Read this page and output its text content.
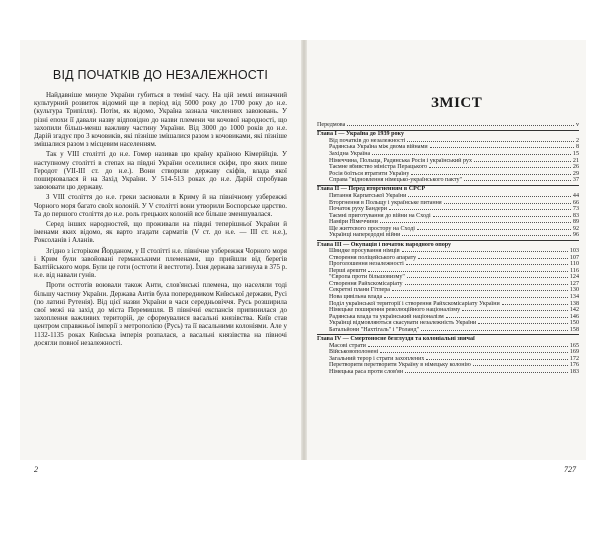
ВІД ПОЧАТКІВ ДО НЕЗАЛЕЖНОСТІ

Найдавніше минуле України губиться в темінї часу. На цій землі визначний культурний розвиток відомий ще в період від 5000 року до 1700 року до н.е. (культура Трипілля). Потім, як відомо, Україна зазнала численних завоювань. У різні епохи її давали назву відповідно до назви племени чи кочової народності, що захопили більш-менш важливу частину України. Від 3000 до 1000 років до н.е. Дарій згадує про 3 кочовиків, які пізніше змішалися разом з кочовиками, які пізніше змішалися разом з місцевим населенням.

Так у VIII столітті до н.е. Гомер називав цю країну країною Кімерійців. У наступному столітті в степах на півдні України оселилися скіфи, про яких пише Геродот (VII-III ст. до н.е.). Вони створили державу скіфів, влада якої поширювалася й на Захід України. У 514-513 роках до н.е. Дарій спробував завоювати цю державу.

З VIII століття до н.е. греки засновали в Криму й на північному узбережжі Чорного моря багато своїх колоній. У V столітті вони утворили Боспорське царство. Та до першого століття до н.е. роль грецьких колоній все більше зменшувалася.

Серед інших народностей, що проживали на півдні теперішньої України й іменами яких відомо, як варто згадати сарматів (V ст. до н.е. — III ст. н.е.), Роксоланів і Аланів.

Згідно з історіком Йорданом, у II столітті н.е. північне узбережжя Чорного моря і Крим були завойовані германськими племенами, що прийшли від берегів Балтійського моря. Були це готи (остготи й вестготи). Їхня держава загинула в 375 р. н.е. від навали гунів.

Проти остготів воювали також Анти, слов'янські племена, що населяли тоді більшу частину України. Держава Антів була попередником Київської держави, Русі (по латині Рутенія). Від цієї назви України в часи середньовіччя. Русь розширила свої межі на захід до міста Перемишля. В північні експансія припинилася до захоплення важливих територій, де сформувалися васальні князівства. Київ став центром справжньої імперії з метрополією (Русь) та її васальними колоніями. Але у 1132-1135 роках Київська імперія розпалася, а васальні князівства на півночі досягли повної незалежності.

2
ЗМІСТ
Передмова	v
Глава I — Україна до 1939 року
Від початків до незалежності	2
Радянська Україна між двома війнами	8
Західна Україна	15
Німеччина, Польща, Радянська Росія і український рух	21
Таємне вбивство міністра Перацького	26
Росія боїться втратити Україну	29
Справа "відновлення німецько-українського пакту"	37
Глава II — Перед вторгненням в СРСР
Питання Карпатської України	44
Вторгнення в Польщу і українське питання	66
Початок руху Бандери	73
Таємні приготування до війни на Сході	83
Наміри Німеччини	89
Ще життєвого простору на Сході	92
Українці напередодні війни	96
Глава III — Окупація і початок народного опору
Швидке просування німців	103
Створення поліцейського апарату	107
Проголошення незалежності	110
Перші арешти	116
"Європа проти більшовизму"	124
Створення Райхскомісаріату	127
Секретні плани Гітлера	130
Нова цивільна влада	134
Поділ української території і створення Райхскомісаріату України	138
Німецьке поширення революційного націоналізму	142
Радянська влада та український націоналізм	146
Українці відмовляються скасувати незалежність України	150
Батальйони "Нахтігаль" і "Роланд"	158
Глава IV — Смертоносне безглуздя та колоніальні звичаї
Масові страти	165
Військовополонені	169
Загальний терор і страти захоплених	172
Перетворити перетворити Україну в німецьку колонію	176
Німецька раса проти слов'ян	183
727
